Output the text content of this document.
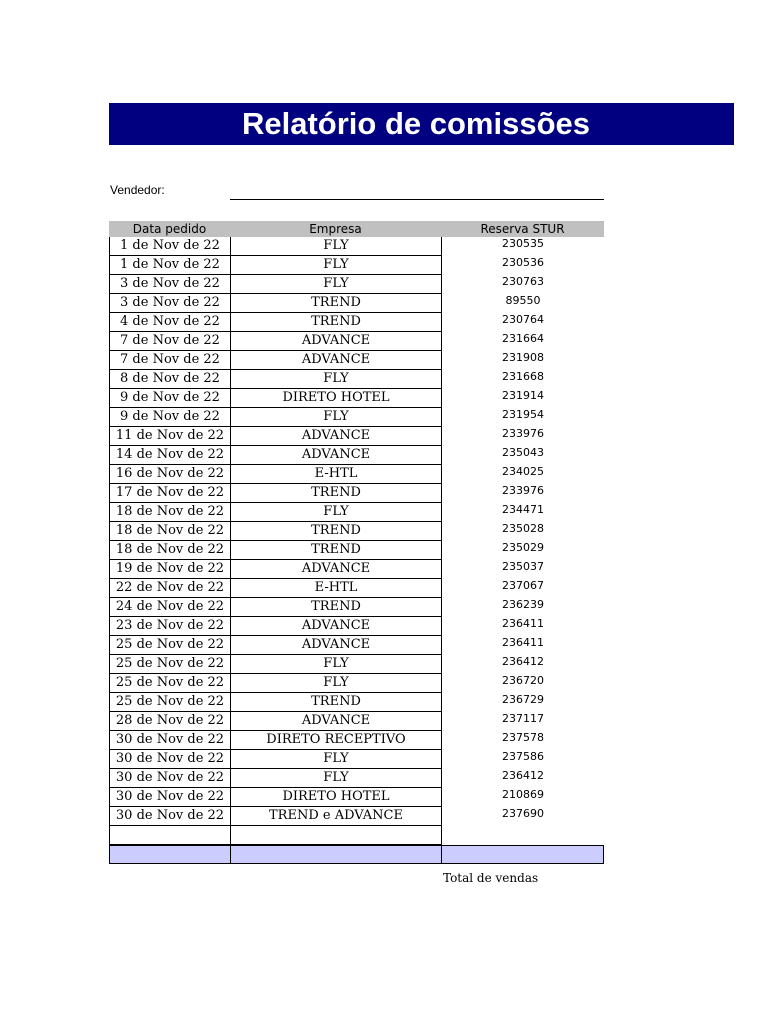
Relatório de comissões
Vendedor:
Data pedido	Empresa	Reserva STUR
1 de Nov de 22	FLY	230535
1 de Nov de 22	FLY	230536
3 de Nov de 22	FLY	230763
3 de Nov de 22	TREND	89550
4 de Nov de 22	TREND	230764
7 de Nov de 22	ADVANCE	231664
7 de Nov de 22	ADVANCE	231908
8 de Nov de 22	FLY	231668
9 de Nov de 22	DIRETO HOTEL	231914
9 de Nov de 22	FLY	231954
11 de Nov de 22	ADVANCE	233976
14 de Nov de 22	ADVANCE	235043
16 de Nov de 22	E-HTL	234025
17 de Nov de 22	TREND	233976
18 de Nov de 22	FLY	234471
18 de Nov de 22	TREND	235028
18 de Nov de 22	TREND	235029
19 de Nov de 22	ADVANCE	235037
22 de Nov de 22	E-HTL	237067
24 de Nov de 22	TREND	236239
23 de Nov de 22	ADVANCE	236411
25 de Nov de 22	ADVANCE	236411
25 de Nov de 22	FLY	236412
25 de Nov de 22	FLY	236720
25 de Nov de 22	TREND	236729
28 de Nov de 22	ADVANCE	237117
30 de Nov de 22	DIRETO RECEPTIVO	237578
30 de Nov de 22	FLY	237586
30 de Nov de 22	FLY	236412
30 de Nov de 22	DIRETO HOTEL	210869
30 de Nov de 22	TREND e ADVANCE	237690
Total de vendas
